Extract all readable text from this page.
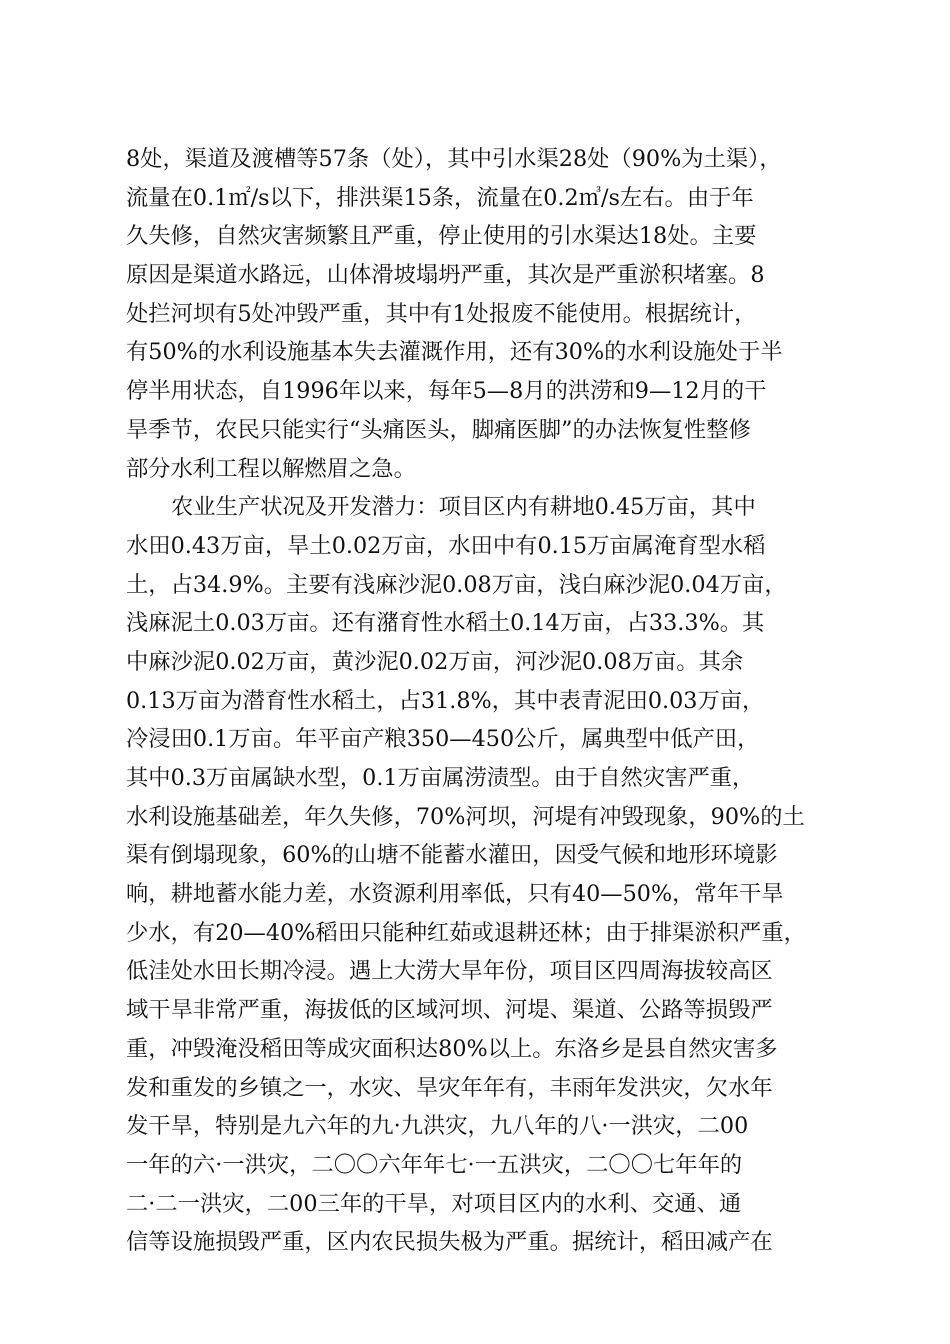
8处，渠道及渡槽等57条（处），其中引水渠28处（90%为土渠），
流量在0.1㎡/s以下，排洪渠15条，流量在0.2㎥/s左右。由于年
久失修，自然灾害频繁且严重，停止使用的引水渠达18处。主要
原因是渠道水路远，山体滑坡塌坍严重，其次是严重淤积堵塞。8
处拦河坝有5处冲毁严重，其中有1处报废不能使用。根据统计，
有50%的水利设施基本失去灌溉作用，还有30%的水利设施处于半
停半用状态，自1996年以来，每年5—8月的洪涝和9—12月的干
旱季节，农民只能实行“头痛医头，脚痛医脚”的办法恢复性整修
部分水利工程以解燃眉之急。
农业生产状况及开发潜力：项目区内有耕地0.45万亩，其中
水田0.43万亩，旱土0.02万亩，水田中有0.15万亩属淹育型水稻
土，占34.9%。主要有浅麻沙泥0.08万亩，浅白麻沙泥0.04万亩，
浅麻泥土0.03万亩。还有潴育性水稻土0.14万亩，占33.3%。其
中麻沙泥0.02万亩，黄沙泥0.02万亩，河沙泥0.08万亩。其余
0.13万亩为潜育性水稻土，占31.8%，其中表青泥田0.03万亩，
冷浸田0.1万亩。年平亩产粮350—450公斤，属典型中低产田，
其中0.3万亩属缺水型，0.1万亩属涝渍型。由于自然灾害严重，
水利设施基础差，年久失修，70%河坝，河堤有冲毁现象，90%的土
渠有倒塌现象，60%的山塘不能蓄水灌田，因受气候和地形环境影
响，耕地蓄水能力差，水资源利用率低，只有40—50%，常年干旱
少水，有20—40%稻田只能种红茹或退耕还林；由于排渠淤积严重，
低洼处水田长期冷浸。遇上大涝大旱年份，项目区四周海拔较高区
域干旱非常严重，海拔低的区域河坝、河堤、渠道、公路等损毁严
重，冲毁淹没稻田等成灾面积达80%以上。东洛乡是县自然灾害多
发和重发的乡镇之一，水灾、旱灾年年有，丰雨年发洪灾，欠水年
发干旱，特别是九六年的九·九洪灾，九八年的八·一洪灾，二00
一年的六·一洪灾，二〇〇六年年七·一五洪灾，二〇〇七年年的
二·二一洪灾，二00三年的干旱，对项目区内的水利、交通、通
信等设施损毁严重，区内农民损失极为严重。据统计，稻田减产在
